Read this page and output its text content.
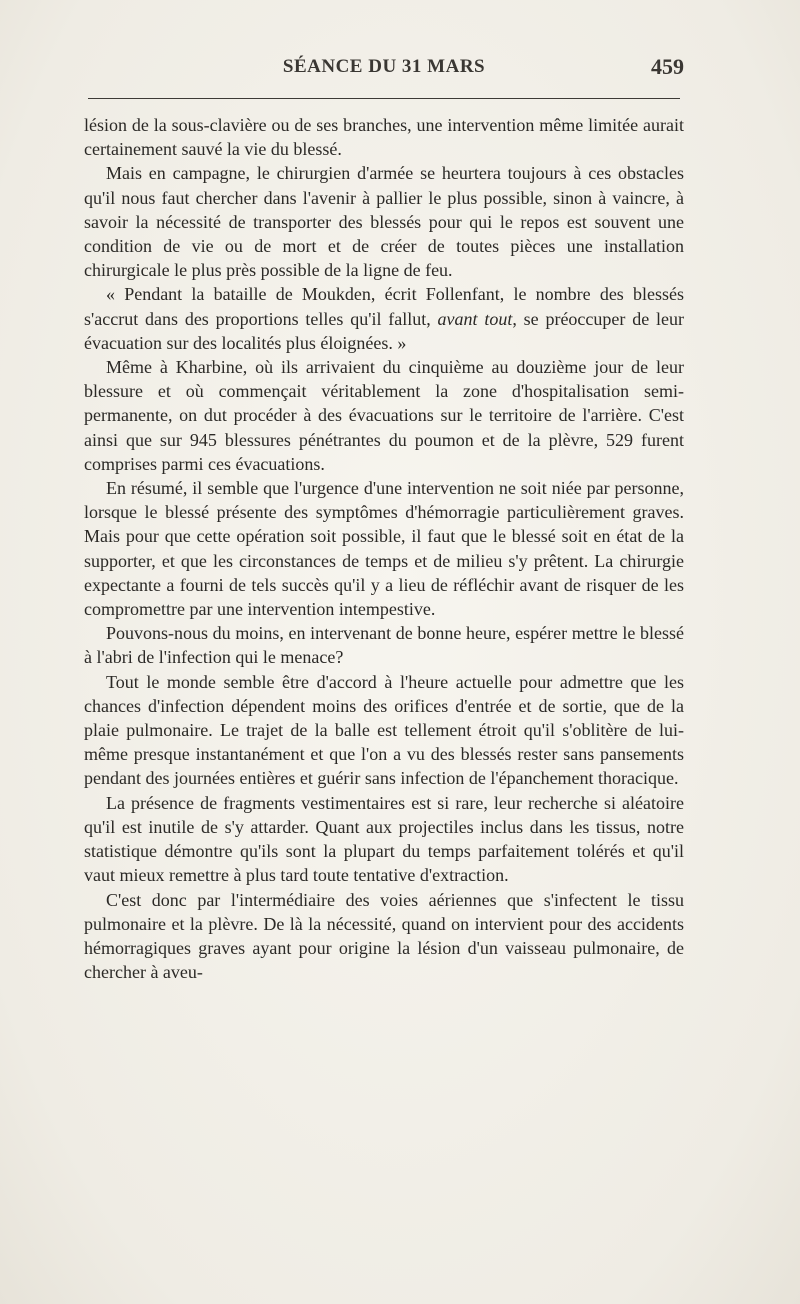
SÉANCE DU 31 MARS	459

lésion de la sous-clavière ou de ses branches, une intervention même limitée aurait certainement sauvé la vie du blessé.

Mais en campagne, le chirurgien d'armée se heurtera toujours à ces obstacles qu'il nous faut chercher dans l'avenir à pallier le plus possible, sinon à vaincre, à savoir la nécessité de transporter des blessés pour qui le repos est souvent une condition de vie ou de mort et de créer de toutes pièces une installation chirurgicale le plus près possible de la ligne de feu.

« Pendant la bataille de Moukden, écrit Follenfant, le nombre des blessés s'accrut dans des proportions telles qu'il fallut, avant tout, se préoccuper de leur évacuation sur des localités plus éloignées. »

Même à Kharbine, où ils arrivaient du cinquième au douzième jour de leur blessure et où commençait véritablement la zone d'hospitalisation semi-permanente, on dut procéder à des évacuations sur le territoire de l'arrière. C'est ainsi que sur 945 blessures pénétrantes du poumon et de la plèvre, 529 furent comprises parmi ces évacuations.

En résumé, il semble que l'urgence d'une intervention ne soit niée par personne, lorsque le blessé présente des symptômes d'hémorragie particulièrement graves. Mais pour que cette opération soit possible, il faut que le blessé soit en état de la supporter, et que les circonstances de temps et de milieu s'y prêtent. La chirurgie expectante a fourni de tels succès qu'il y a lieu de réfléchir avant de risquer de les compromettre par une intervention intempestive.

Pouvons-nous du moins, en intervenant de bonne heure, espérer mettre le blessé à l'abri de l'infection qui le menace?

Tout le monde semble être d'accord à l'heure actuelle pour admettre que les chances d'infection dépendent moins des orifices d'entrée et de sortie, que de la plaie pulmonaire. Le trajet de la balle est tellement étroit qu'il s'oblitère de lui-même presque instantanément et que l'on a vu des blessés rester sans pansements pendant des journées entières et guérir sans infection de l'épanchement thoracique.

La présence de fragments vestimentaires est si rare, leur recherche si aléatoire qu'il est inutile de s'y attarder. Quant aux projectiles inclus dans les tissus, notre statistique démontre qu'ils sont la plupart du temps parfaitement tolérés et qu'il vaut mieux remettre à plus tard toute tentative d'extraction.

C'est donc par l'intermédiaire des voies aériennes que s'infectent le tissu pulmonaire et la plèvre. De là la nécessité, quand on intervient pour des accidents hémorragiques graves ayant pour origine la lésion d'un vaisseau pulmonaire, de chercher à aveu-
